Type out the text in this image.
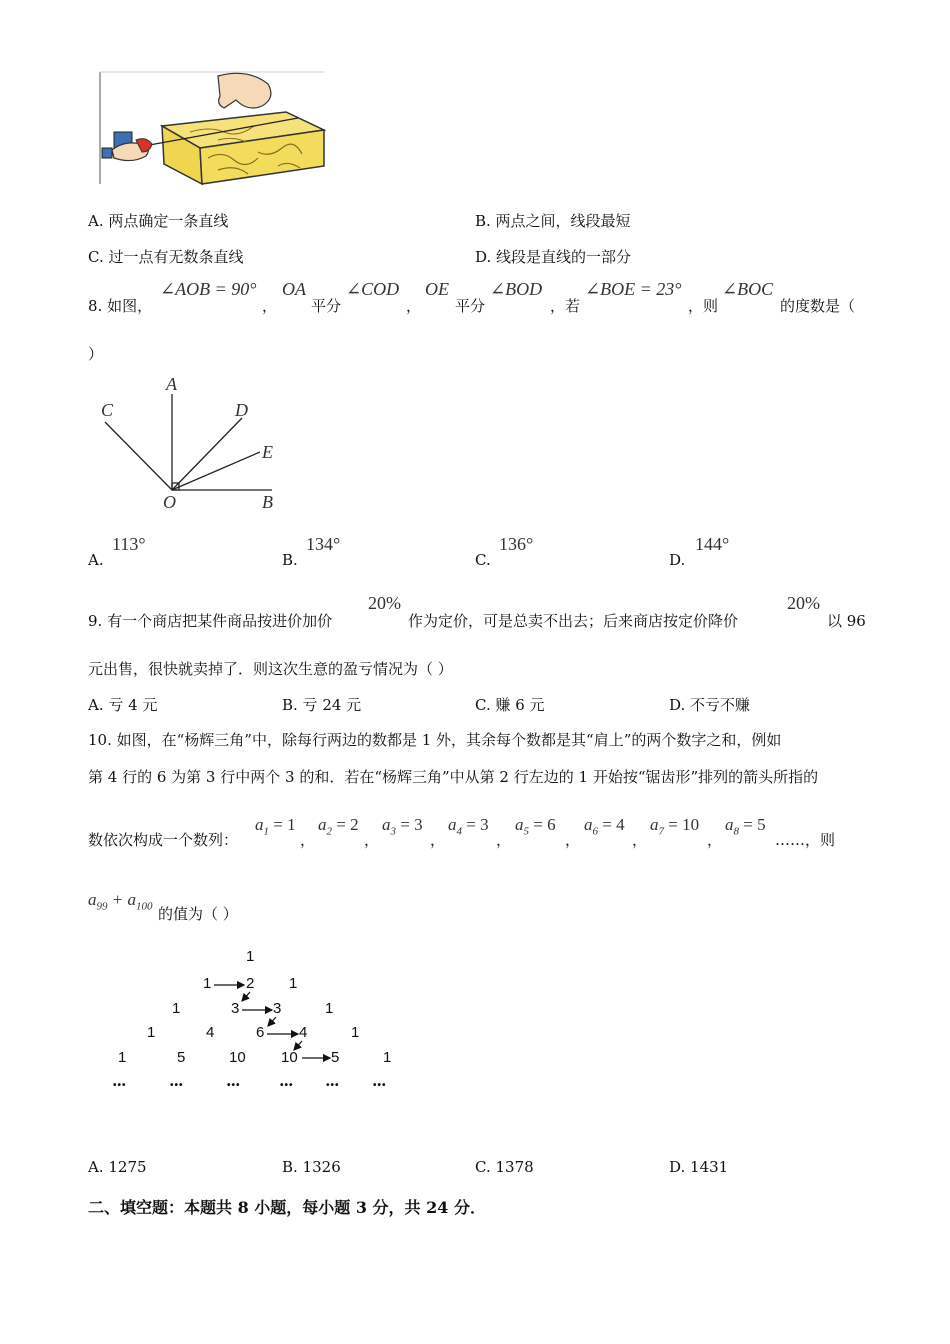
A. 两点确定一条直线	B. 两点之间，线段最短
C. 过一点有无数条直线	D. 线段是直线的一部分
8. 如图，
∠AOB = 90°
，
OA
平分
∠COD
，
OE
平分
∠BOD
，若
∠BOE = 23°
，则
∠BOC
的度数是（
）
A
C	D
E
O	B
A.
113°
B.
134°
C.
136°
D.
144°
9. 有一个商店把某件商品按进价加价
20%
作为定价，可是总卖不出去；后来商店按定价降价
20%
以 96
元出售，很快就卖掉了．则这次生意的盈亏情况为（ ）
A. 亏 4 元	B. 亏 24 元	C. 赚 6 元	D. 不亏不赚
10. 如图，在“杨辉三角”中，除每行两边的数都是 1 外，其余每个数都是其“肩上”的两个数字之和，例如
第 4 行的 6 为第 3 行中两个 3 的和．若在“杨辉三角”中从第 2 行左边的 1 开始按“锯齿形”排列的箭头所指的
数依次构成一个数列：
$a_1 = 1$
，
$a_2 = 2$
，
$a_3 = 3$
，
$a_4 = 3$
，
$a_5 = 6$
，
$a_6 = 4$
，
$a_7 = 10$
，
$a_8 = 5$
……，则
$a_{99} + a_{100}$ 的值为（ ）
1
1 2 1
1	3 3	1
1	4	6 4	1
1	5	10 10 5	1
•••	•••	•••	•••	•••	•••
A. 1275	B. 1326	C. 1378	D. 1431
二、填空题：本题共 8 小题，每小题 3 分，共 24 分．
